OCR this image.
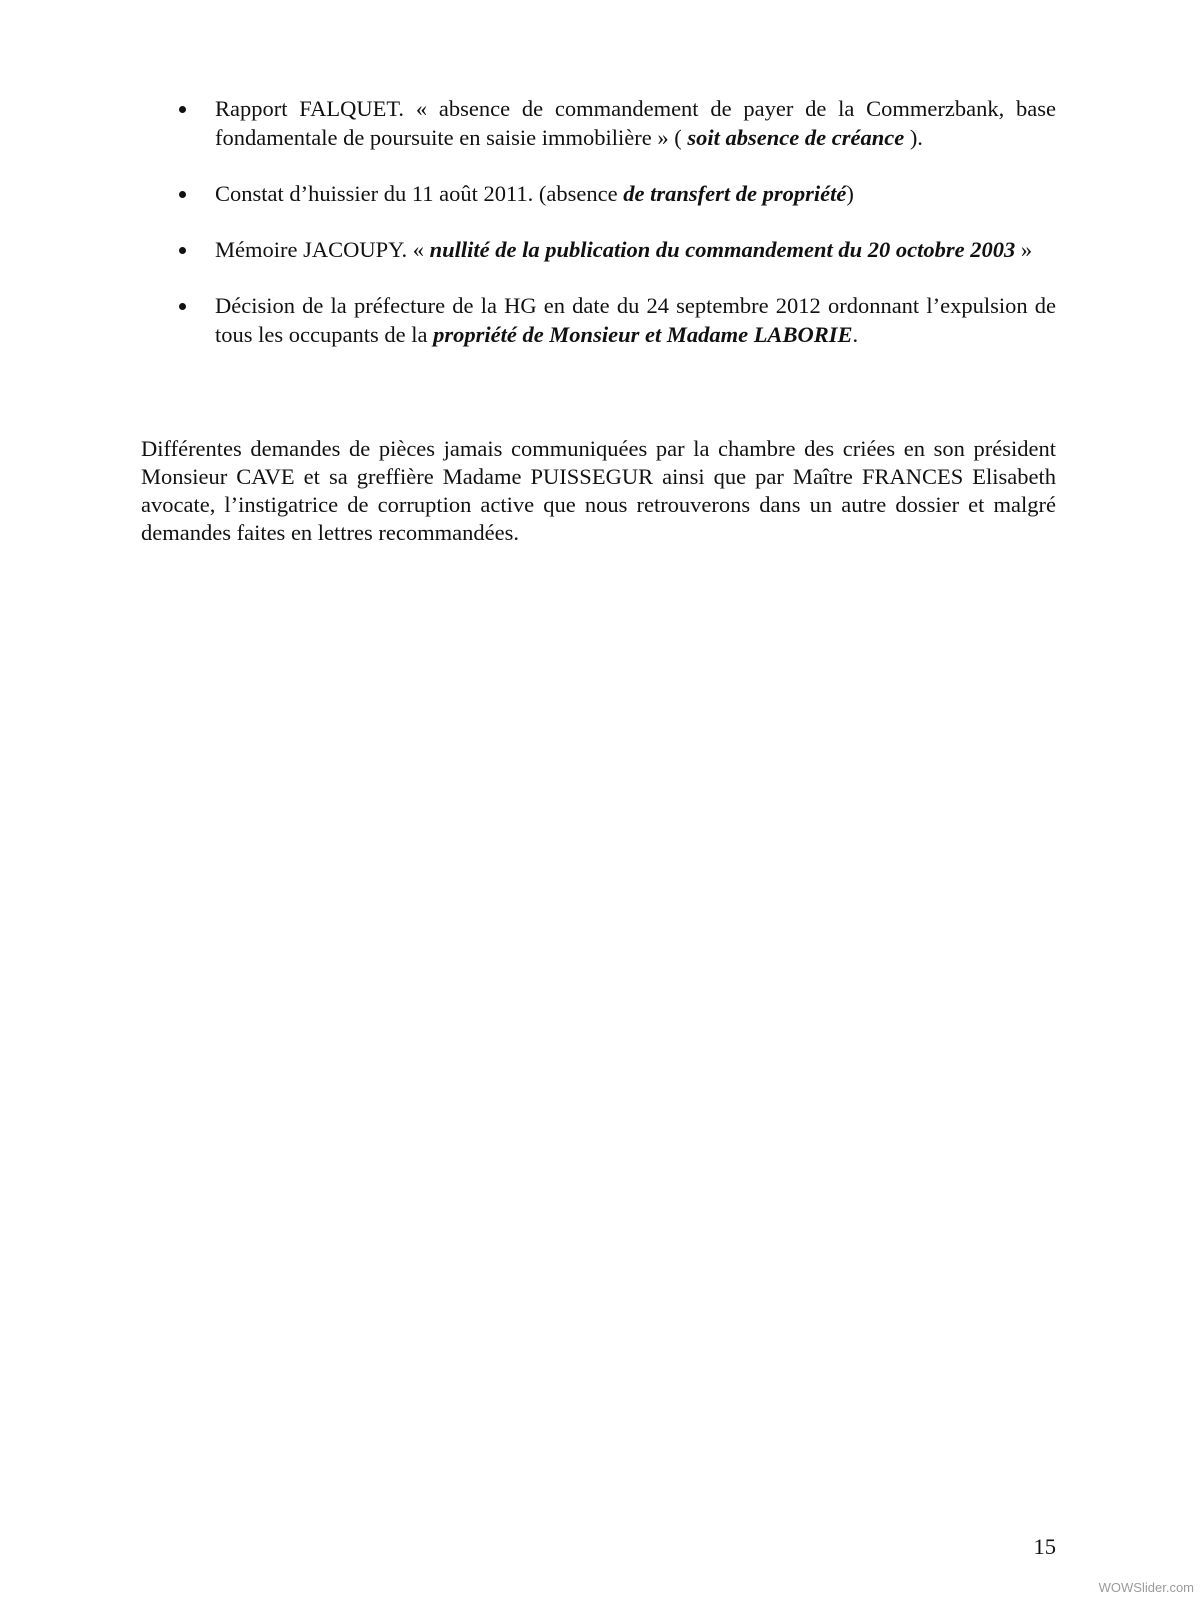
Rapport FALQUET. « absence de commandement de payer de la Commerzbank, base fondamentale de poursuite en saisie immobilière » ( soit absence de créance ).
Constat d’huissier du 11 août 2011. (absence de transfert de propriété)
Mémoire JACOUPY. « nullité de la publication du commandement du 20 octobre 2003 »
Décision de la préfecture de la HG en date du 24 septembre 2012 ordonnant l’expulsion de tous les occupants de la propriété de Monsieur et Madame LABORIE.

Différentes demandes de pièces jamais communiquées par la chambre des criées en son président Monsieur CAVE et sa greffière Madame PUISSEGUR ainsi que par Maître FRANCES Elisabeth avocate, l’instigatrice de corruption active que nous retrouverons dans un autre dossier et malgré demandes faites en lettres recommandées.

15
WOWSlider.com
